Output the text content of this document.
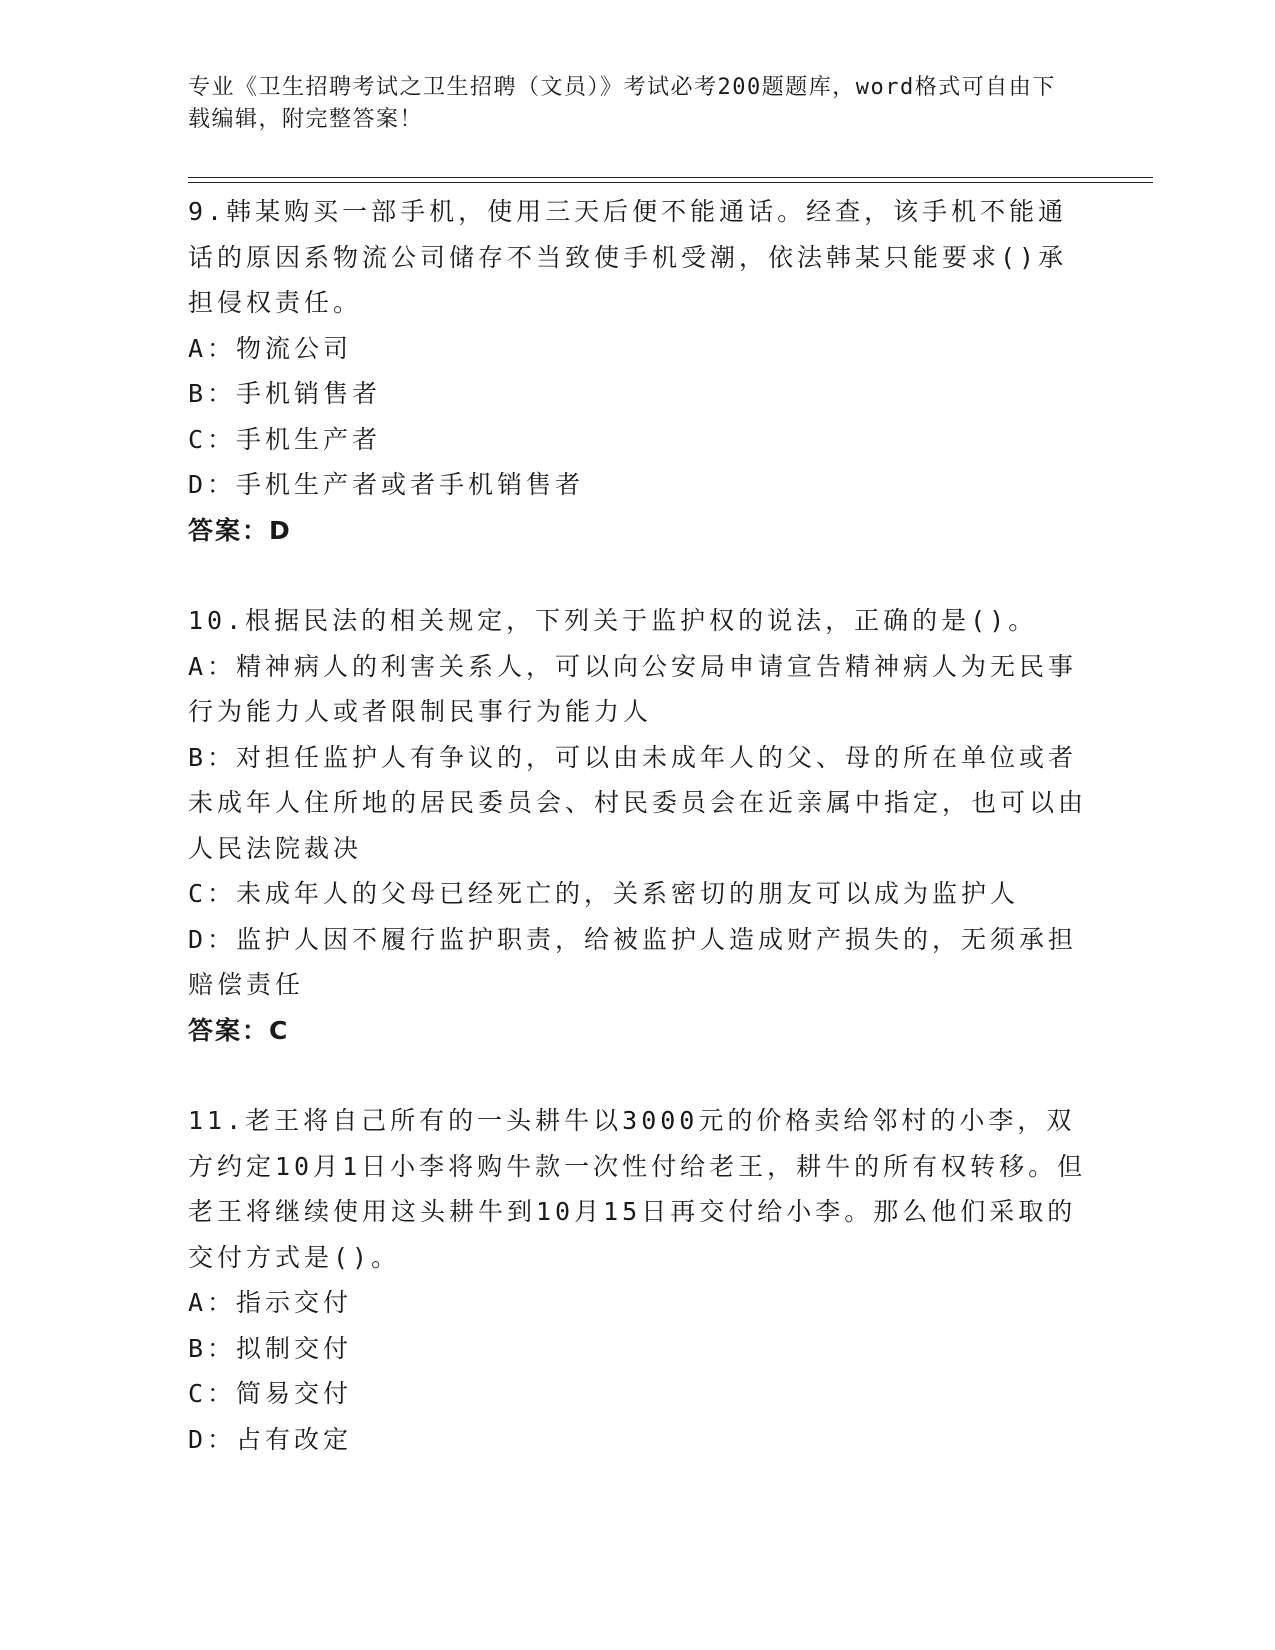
专业《卫生招聘考试之卫生招聘（文员）》考试必考200题题库，word格式可自由下载编辑，附完整答案！
9.韩某购买一部手机，使用三天后便不能通话。经查，该手机不能通话的原因系物流公司储存不当致使手机受潮，依法韩某只能要求()承担侵权责任。
A：物流公司
B：手机销售者
C：手机生产者
D：手机生产者或者手机销售者
答案：D
10.根据民法的相关规定，下列关于监护权的说法，正确的是()。
A：精神病人的利害关系人，可以向公安局申请宣告精神病人为无民事行为能力人或者限制民事行为能力人
B：对担任监护人有争议的，可以由未成年人的父、母的所在单位或者未成年人住所地的居民委员会、村民委员会在近亲属中指定，也可以由人民法院裁决
C：未成年人的父母已经死亡的，关系密切的朋友可以成为监护人
D：监护人因不履行监护职责，给被监护人造成财产损失的，无须承担赔偿责任
答案：C
11.老王将自己所有的一头耕牛以3000元的价格卖给邻村的小李，双方约定10月1日小李将购牛款一次性付给老王，耕牛的所有权转移。但老王将继续使用这头耕牛到10月15日再交付给小李。那么他们采取的交付方式是()。
A：指示交付
B：拟制交付
C：简易交付
D：占有改定
